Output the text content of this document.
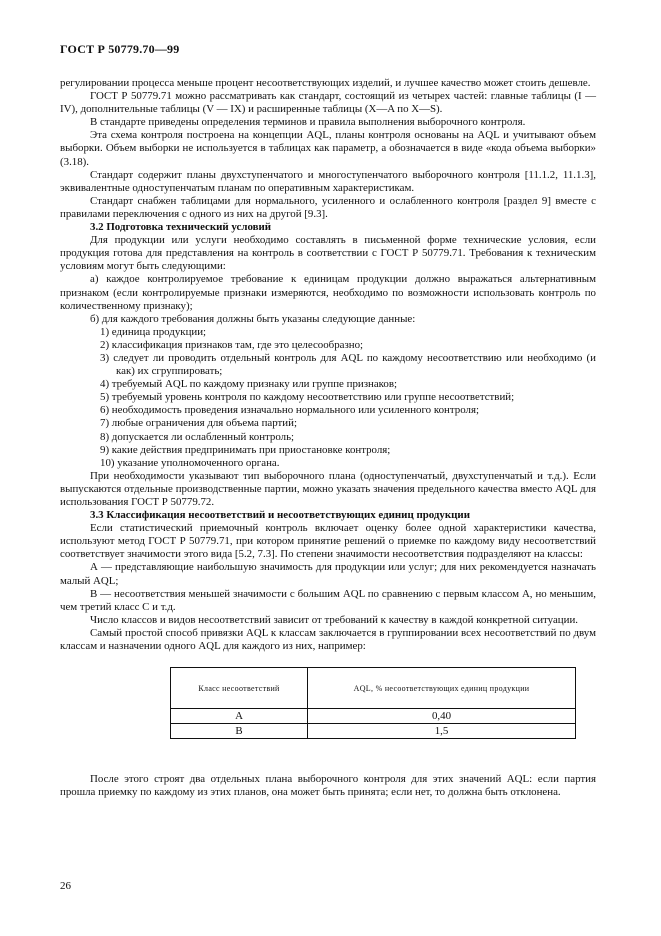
ГОСТ Р 50779.70—99

регулировании процесса меньше процент несоответствующих изделий, и лучшее качество может стоить дешевле.

ГОСТ Р 50779.71 можно рассматривать как стандарт, состоящий из четырех частей: главные таблицы (I — IV), дополнительные таблицы (V — IX) и расширенные таблицы (X—A по X—S).

В стандарте приведены определения терминов и правила выполнения выборочного контроля.

Эта схема контроля построена на концепции AQL, планы контроля основаны на AQL и учитывают объем выборки. Объем выборки не используется в таблицах как параметр, а обозначается в виде «кода объема выборки» (3.18).

Стандарт содержит планы двухступенчатого и многоступенчатого выборочного контроля [11.1.2, 11.1.3], эквивалентные одноступенчатым планам по оперативным характеристикам.

Стандарт снабжен таблицами для нормального, усиленного и ослабленного контроля [раздел 9] вместе с правилами переключения с одного из них на другой [9.3].

3.2 Подготовка технический условий

Для продукции или услуги необходимо составлять в письменной форме технические условия, если продукция готова для представления на контроль в соответствии с ГОСТ Р 50779.71. Требования к техническим условиям могут быть следующими:

а) каждое контролируемое требование к единицам продукции должно выражаться альтернативным признаком (если контролируемые признаки измеряются, необходимо по возможности использовать контроль по количественному признаку);

б) для каждого требования должны быть указаны следующие данные:

1) единица продукции;

2) классификация признаков там, где это целесообразно;

3) следует ли проводить отдельный контроль для AQL по каждому несоответствию или необходимо (и как) их сгруппировать;

4) требуемый AQL по каждому признаку или группе признаков;

5) требуемый уровень контроля по каждому несоответствию или группе несоответствий;

6) необходимость проведения изначально нормального или усиленного контроля;

7) любые ограничения для объема партий;

8) допускается ли ослабленный контроль;

9) какие действия предпринимать при приостановке контроля;

10) указание уполномоченного органа.

При необходимости указывают тип выборочного плана (одноступенчатый, двухступенчатый и т.д.). Если выпускаются отдельные производственные партии, можно указать значения предельного качества вместо AQL для использования ГОСТ Р 50779.72.

3.3 Классификация несоответствий и несоответствующих единиц продукции

Если статистический приемочный контроль включает оценку более одной характеристики качества, используют метод ГОСТ Р 50779.71, при котором принятие решений о приемке по каждому виду несоответствий соответствует значимости этого вида [5.2, 7.3]. По степени значимости несоответствия подразделяют на классы:

А — представляющие наибольшую значимость для продукции или услуг; для них рекомендуется назначать малый AQL;

В — несоответствия меньшей значимости с большим AQL по сравнению с первым классом А, но меньшим, чем третий класс С и т.д.

Число классов и видов несоответствий зависит от требований к качеству в каждой конкретной ситуации.

Самый простой способ привязки AQL к классам заключается в группировании всех несоответствий по двум классам и назначении одного AQL для каждого из них, например:

Класс несоответствий	AQL, % несоответствующих единиц продукции
А	0,40
В	1,5

После этого строят два отдельных плана выборочного контроля для этих значений AQL: если партия прошла приемку по каждому из этих планов, она может быть принята; если нет, то должна быть отклонена.

26
